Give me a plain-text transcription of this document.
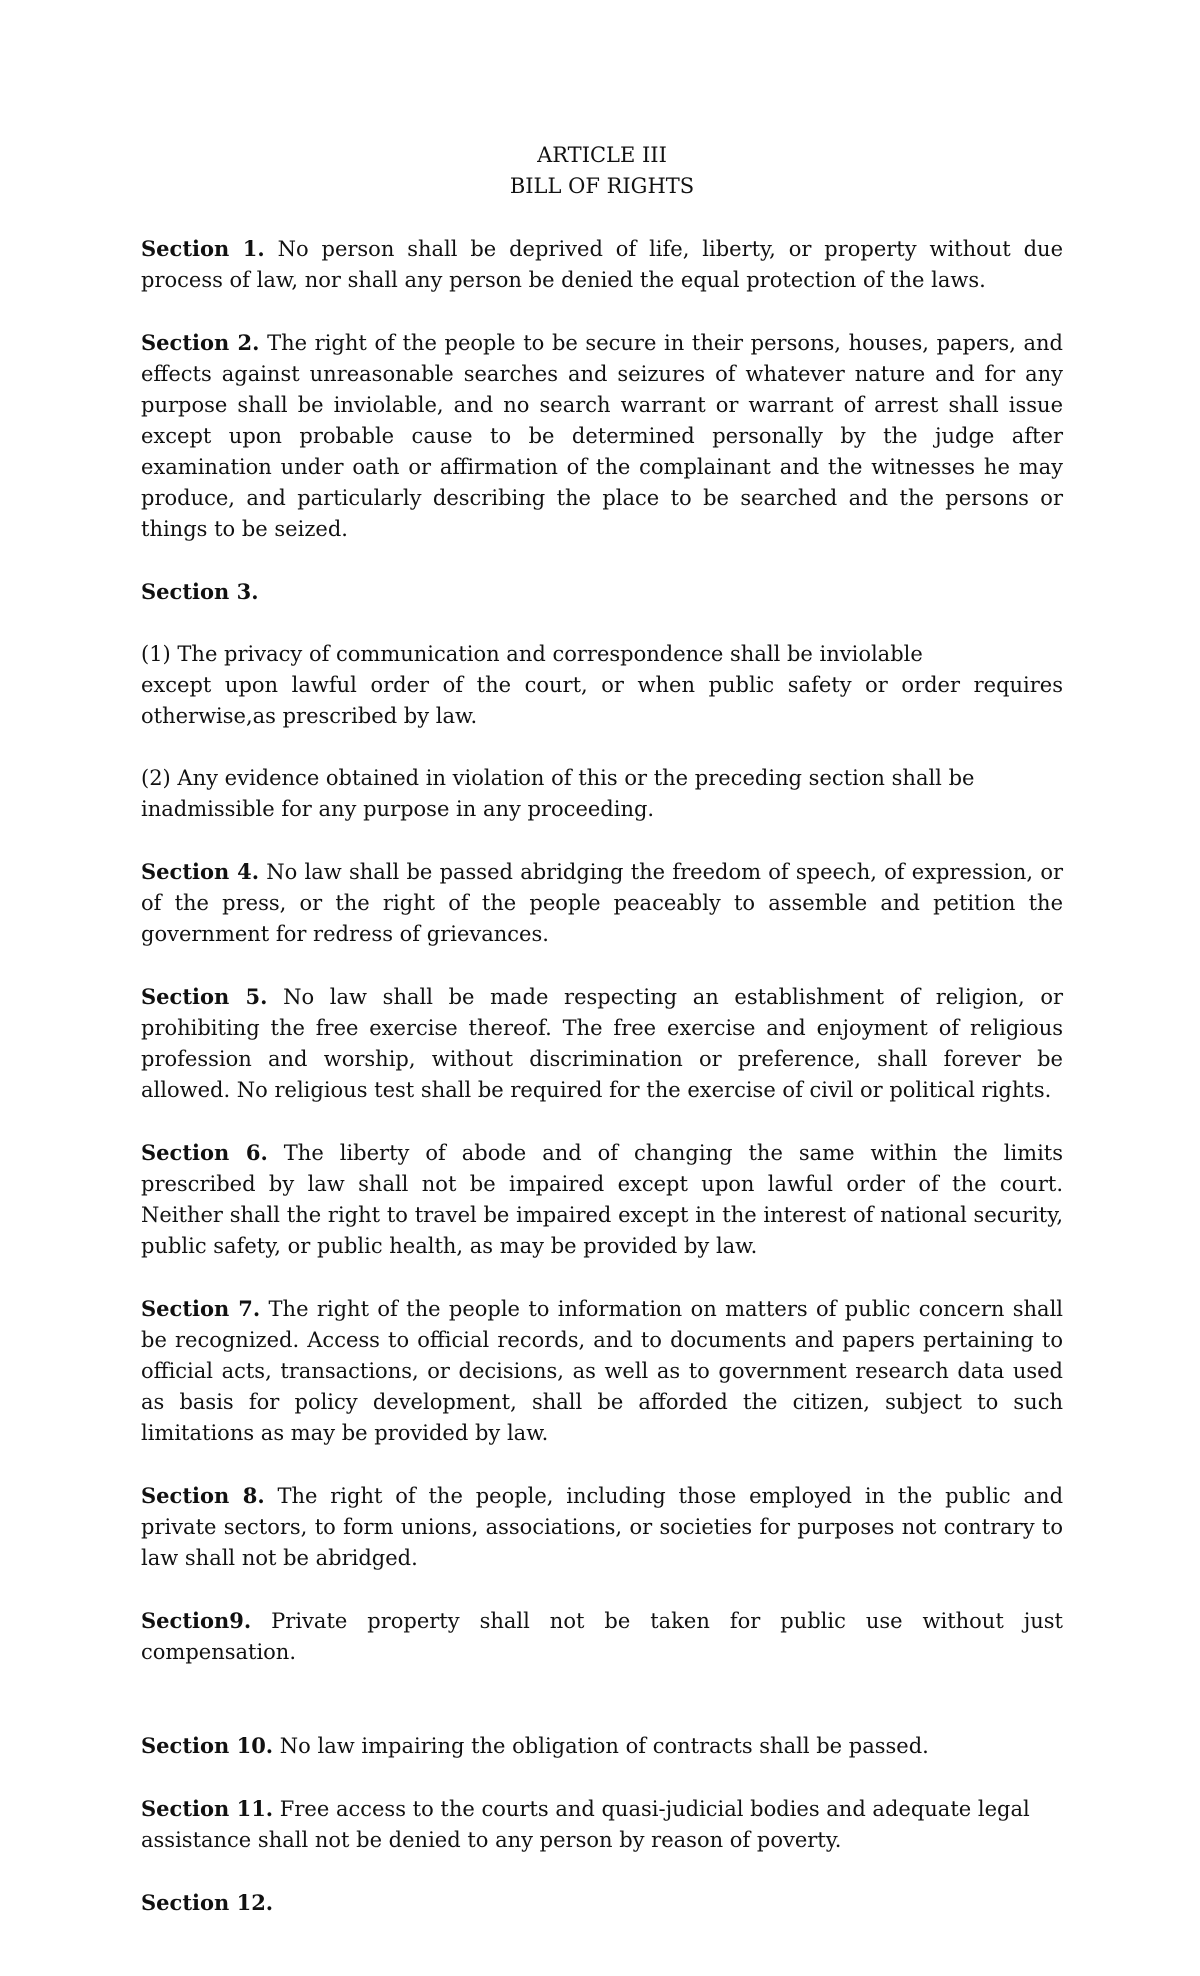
ARTICLE III
BILL OF RIGHTS

Section 1. No person shall be deprived of life, liberty, or property without due process of law, nor shall any person be denied the equal protection of the laws.

Section 2. The right of the people to be secure in their persons, houses, papers, and effects against unreasonable searches and seizures of whatever nature and for any purpose shall be inviolable, and no search warrant or warrant of arrest shall issue except upon probable cause to be determined personally by the judge after examination under oath or affirmation of the complainant and the witnesses he may produce, and particularly describing the place to be searched and the persons or things to be seized.

Section 3.

(1) The privacy of communication and correspondence shall be inviolable
except upon lawful order of the court, or when public safety or order requires otherwise,as prescribed by law.

(2) Any evidence obtained in violation of this or the preceding section shall be
inadmissible for any purpose in any proceeding.

Section 4. No law shall be passed abridging the freedom of speech, of expression, or of the press, or the right of the people peaceably to assemble and petition the government for redress of grievances.

Section 5. No law shall be made respecting an establishment of religion, or prohibiting the free exercise thereof. The free exercise and enjoyment of religious profession and worship, without discrimination or preference, shall forever be allowed. No religious test shall be required for the exercise of civil or political rights.

Section 6. The liberty of abode and of changing the same within the limits prescribed by law shall not be impaired except upon lawful order of the court. Neither shall the right to travel be impaired except in the interest of national security, public safety, or public health, as may be provided by law.

Section 7. The right of the people to information on matters of public concern shall be recognized. Access to official records, and to documents and papers pertaining to official acts, transactions, or decisions, as well as to government research data used as basis for policy development, shall be afforded the citizen, subject to such limitations as may be provided by law.

Section 8. The right of the people, including those employed in the public and private sectors, to form unions, associations, or societies for purposes not contrary to law shall not be abridged.

Section9. Private property shall not be taken for public use without just compensation.

Section 10. No law impairing the obligation of contracts shall be passed.

Section 11. Free access to the courts and quasi-judicial bodies and adequate legal assistance shall not be denied to any person by reason of poverty.

Section 12.
